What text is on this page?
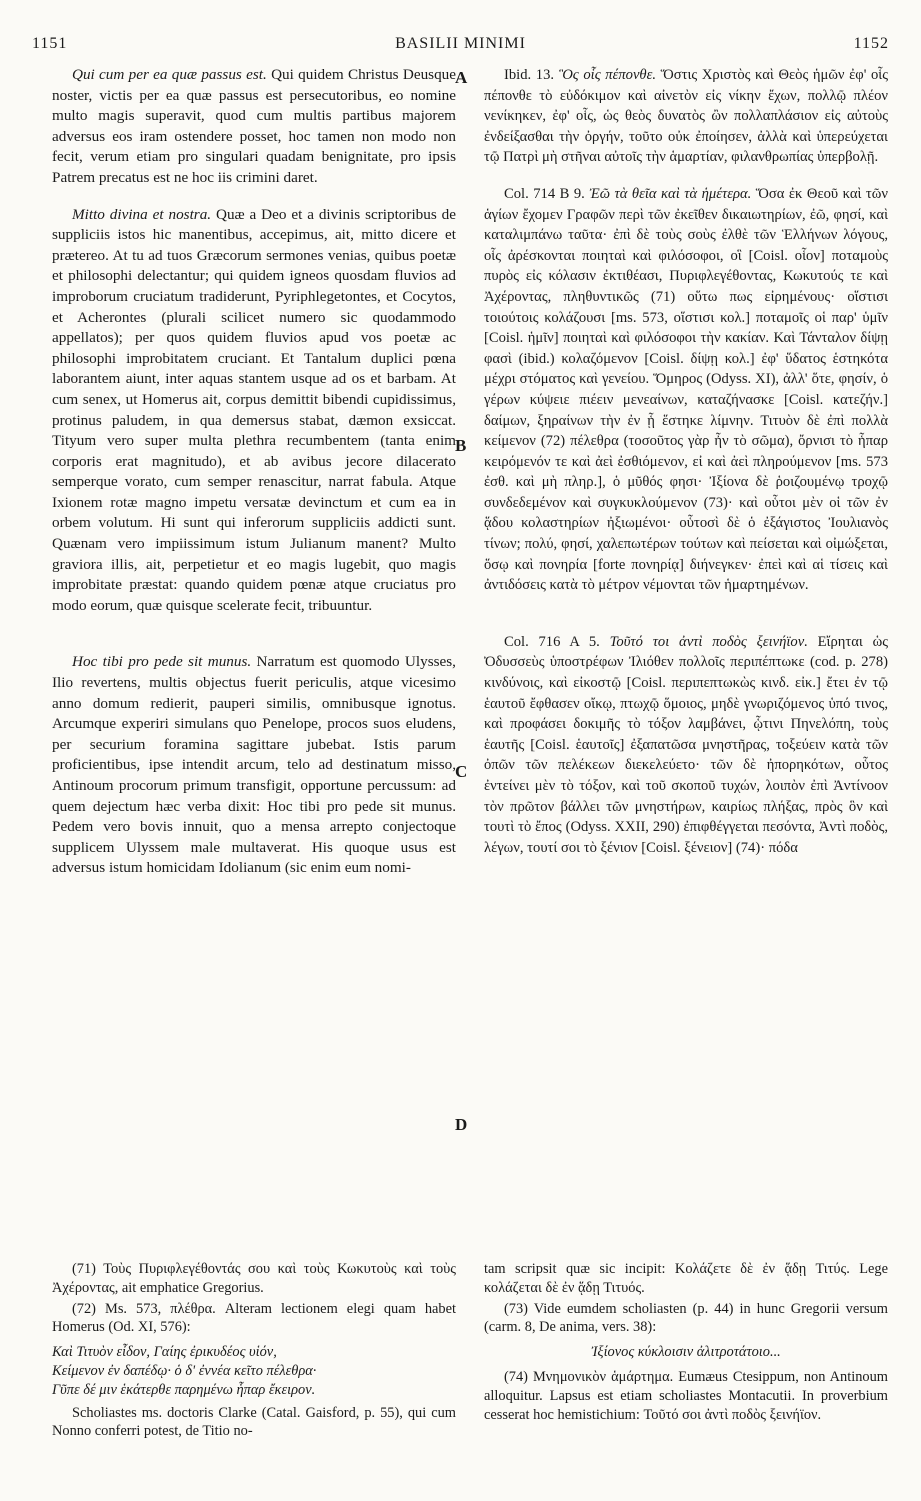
1151	BASILII MINIMI	1152
A
B
C
D

Qui cum per ea quæ passus est. Qui quidem Christus Deusque noster, victis per ea quæ passus est persecutoribus, eo nomine multo magis superavit, quod cum multis partibus majorem adversus eos iram ostendere posset, hoc tamen non modo non fecit, verum etiam pro singulari quadam benignitate, pro ipsis Patrem precatus est ne hoc iis crimini daret.

Mitto divina et nostra. Quæ a Deo et a divinis scriptoribus de suppliciis istos hic manentibus, accepimus, ait, mitto dicere et prætereo. At tu ad tuos Græcorum sermones venias, quibus poetæ et philosophi delectantur; qui quidem igneos quosdam fluvios ad improborum cruciatum tradiderunt, Pyriphlegetontes, et Cocytos, et Acherontes (plurali scilicet numero sic quodammodo appellatos); per quos quidem fluvios apud vos poetæ ac philosophi improbitatem cruciant. Et Tantalum duplici pœna laborantem aiunt, inter aquas stantem usque ad os et barbam. At cum senex, ut Homerus ait, corpus demittit bibendi cupidissimus, protinus paludem, in qua demersus stabat, dæmon exsiccat. Tityum vero super multa plethra recumbentem (tanta enim corporis erat magnitudo), et ab avibus jecore dilacerato semperque vorato, cum semper renascitur, narrat fabula. Atque Ixionem rotæ magno impetu versatæ devinctum et cum ea in orbem volutum. Hi sunt qui inferorum suppliciis addicti sunt. Quænam vero impiissimum istum Julianum manent? Multo graviora illis, ait, perpetietur et eo magis lugebit, quo magis improbitate præstat: quando quidem pœnæ atque cruciatus pro modo eorum, quæ quisque scelerate fecit, tribuuntur.

Hoc tibi pro pede sit munus. Narratum est quomodo Ulysses, Ilio revertens, multis objectus fuerit periculis, atque vicesimo anno domum redierit, pauperi similis, omnibusque ignotus. Arcumque experiri simulans quo Penelope, procos suos eludens, per securium foramina sagittare jubebat. Istis parum proficientibus, ipse intendit arcum, telo ad destinatum misso, Antinoum procorum primum transfigit, opportune percussum: ad quem dejectum hæc verba dixit: Hoc tibi pro pede sit munus. Pedem vero bovis innuit, quo a mensa arrepto conjectoque supplicem Ulyssem male multaverat. His quoque usus est adversus istum homicidam Idolianum (sic enim eum nomi-

Ibid. 13. Ὃς οἷς πέπονθε. Ὅστις Χριστὸς καὶ Θεὸς ἡμῶν ἐφ' οἷς πέπονθε τὸ εὐδόκιμον καὶ αἰνετὸν εἰς νίκην ἔχων, πολλῷ πλέον νενίκηκεν, ἐφ' οἷς, ὡς θεὸς δυνατὸς ὢν πολλαπλάσιον εἰς αὐτοὺς ἐνδείξασθαι τὴν ὀργήν, τοῦτο οὐκ ἐποίησεν, ἀλλὰ καὶ ὑπερεύχεται τῷ Πατρὶ μὴ στῆναι αὐτοῖς τὴν ἁμαρτίαν, φιλανθρωπίας ὑπερβολῇ.

Col. 714 B 9. Ἐῶ τὰ θεῖα καὶ τὰ ἡμέτερα. Ὅσα ἐκ Θεοῦ καὶ τῶν ἁγίων ἔχομεν Γραφῶν περὶ τῶν ἐκεῖθεν δικαιωτηρίων, ἐῶ, φησί, καὶ καταλιμπάνω ταῦτα· ἐπὶ δὲ τοὺς σοὺς ἐλθὲ τῶν Ἑλλήνων λόγους, οἷς ἀρέσκονται ποιηταὶ καὶ φιλόσοφοι, οἳ [Coisl. οἷον] ποταμοὺς πυρὸς εἰς κόλασιν ἐκτιθέασι, Πυριφλεγέθοντας, Κωκυτούς τε καὶ Ἀχέροντας, πληθυντικῶς (71) οὕτω πως εἰρημένους· οἵστισι τοιούτοις κολάζουσι [ms. 573, οἵστισι κολ.] ποταμοῖς οἱ παρ' ὑμῖν [Coisl. ἡμῖν] ποιηταὶ καὶ φιλόσοφοι τὴν κακίαν. Καὶ Τάνταλον δίψῃ φασὶ (ibid.) κολαζόμενον [Coisl. δίψῃ κολ.] ἐφ' ὕδατος ἑστηκότα μέχρι στόματος καὶ γενείου. Ὅμηρος (Odyss. XI), ἀλλ' ὅτε, φησίν, ὁ γέρων κύψειε πιέειν μενεαίνων, καταζήνασκε [Coisl. κατεζήν.] δαίμων, ξηραίνων τὴν ἐν ᾗ ἕστηκε λίμνην. Τιτυὸν δὲ ἐπὶ πολλὰ κείμενον (72) πέλεθρα (τοσοῦτος γὰρ ἦν τὸ σῶμα), ὄρνισι τὸ ἧπαρ κειρόμενόν τε καὶ ἀεὶ ἐσθιόμενον, εἰ καὶ ἀεὶ πληρούμενον [ms. 573 ἐσθ. καὶ μὴ πληρ.], ὁ μῦθός φησι· Ἰξίονα δὲ ῥοιζουμένῳ τροχῷ συνδεδεμένον καὶ συγκυκλούμενον (73)· καὶ οὗτοι μὲν οἱ τῶν ἐν ᾅδου κολαστηρίων ἠξιωμένοι· οὗτοσὶ δὲ ὁ ἐξάγιστος Ἰουλιανὸς τίνων; πολύ, φησί, χαλεπωτέρων τούτων καὶ πείσεται καὶ οἰμώξεται, ὅσῳ καὶ πονηρία [forte πονηρίᾳ] διήνεγκεν· ἐπεὶ καὶ αἱ τίσεις καὶ ἀντιδόσεις κατὰ τὸ μέτρον νέμονται τῶν ἡμαρτημένων.

Col. 716 A 5. Τοῦτό τοι ἀντὶ ποδὸς ξεινήϊον. Εἴρηται ὡς Ὀδυσσεὺς ὑποστρέφων Ἰλιόθεν πολλοῖς περιπέπτωκε (cod. p. 278) κινδύνοις, καὶ εἰκοστῷ [Coisl. περιπεπτωκὼς κινδ. εἰκ.] ἔτει ἐν τῷ ἑαυτοῦ ἔφθασεν οἴκῳ, πτωχῷ ὅμοιος, μηδὲ γνωριζόμενος ὑπό τινος, καὶ προφάσει δοκιμῆς τὸ τόξον λαμβάνει, ᾧτινι Πηνελόπη, τοὺς ἑαυτῆς [Coisl. ἑαυτοῖς] ἐξαπατῶσα μνηστῆρας, τοξεύειν κατὰ τῶν ὀπῶν τῶν πελέκεων διεκελεύετο· τῶν δὲ ἠπορηκότων, οὗτος ἐντείνει μὲν τὸ τόξον, καὶ τοῦ σκοποῦ τυχών, λοιπὸν ἐπὶ Ἀντίνοον τὸν πρῶτον βάλλει τῶν μνηστήρων, καιρίως πλήξας, πρὸς ὃν καὶ τουτὶ τὸ ἔπος (Odyss. XXII, 290) ἐπιφθέγγεται πεσόντα, Ἀντὶ ποδὸς, λέγων, τουτί σοι τὸ ξένιον [Coisl. ξένειον] (74)· πόδα

(71) Τοὺς Πυριφλεγέθοντάς σου καὶ τοὺς Κωκυτοὺς καὶ τοὺς Ἀχέροντας, ait emphatice Gregorius.

(72) Ms. 573, πλέθρα. Alteram lectionem elegi quam habet Homerus (Od. XI, 576):

Καὶ Τιτυὸν εἶδον, Γαίης ἐρικυδέος υἱόν,
Κείμενον ἐν δαπέδῳ· ὁ δ' ἐννέα κεῖτο πέλεθρα·
Γῦπε δέ μιν ἑκάτερθε παρημένω ἧπαρ ἔκειρον.

Scholiastes ms. doctoris Clarke (Catal. Gaisford, p. 55), qui cum Nonno conferri potest, de Titio no-

tam scripsit quæ sic incipit: Κολάζετε δὲ ἐν ᾅδῃ Τιτύς. Lege κολάζεται δὲ ἐν ᾅδῃ Τιτυός.

(73) Vide eumdem scholiasten (p. 44) in hunc Gregorii versum (carm. 8, De anima, vers. 38):

Ἰξίονος κύκλοισιν ἀλιτροτάτοιο...

(74) Μνημονικὸν ἁμάρτημα. Eumæus Ctesippum, non Antinoum alloquitur. Lapsus est etiam scholiastes Montacutii. In proverbium cesserat hoc hemistichium: Τοῦτό σοι ἀντὶ ποδὸς ξεινήϊον.
